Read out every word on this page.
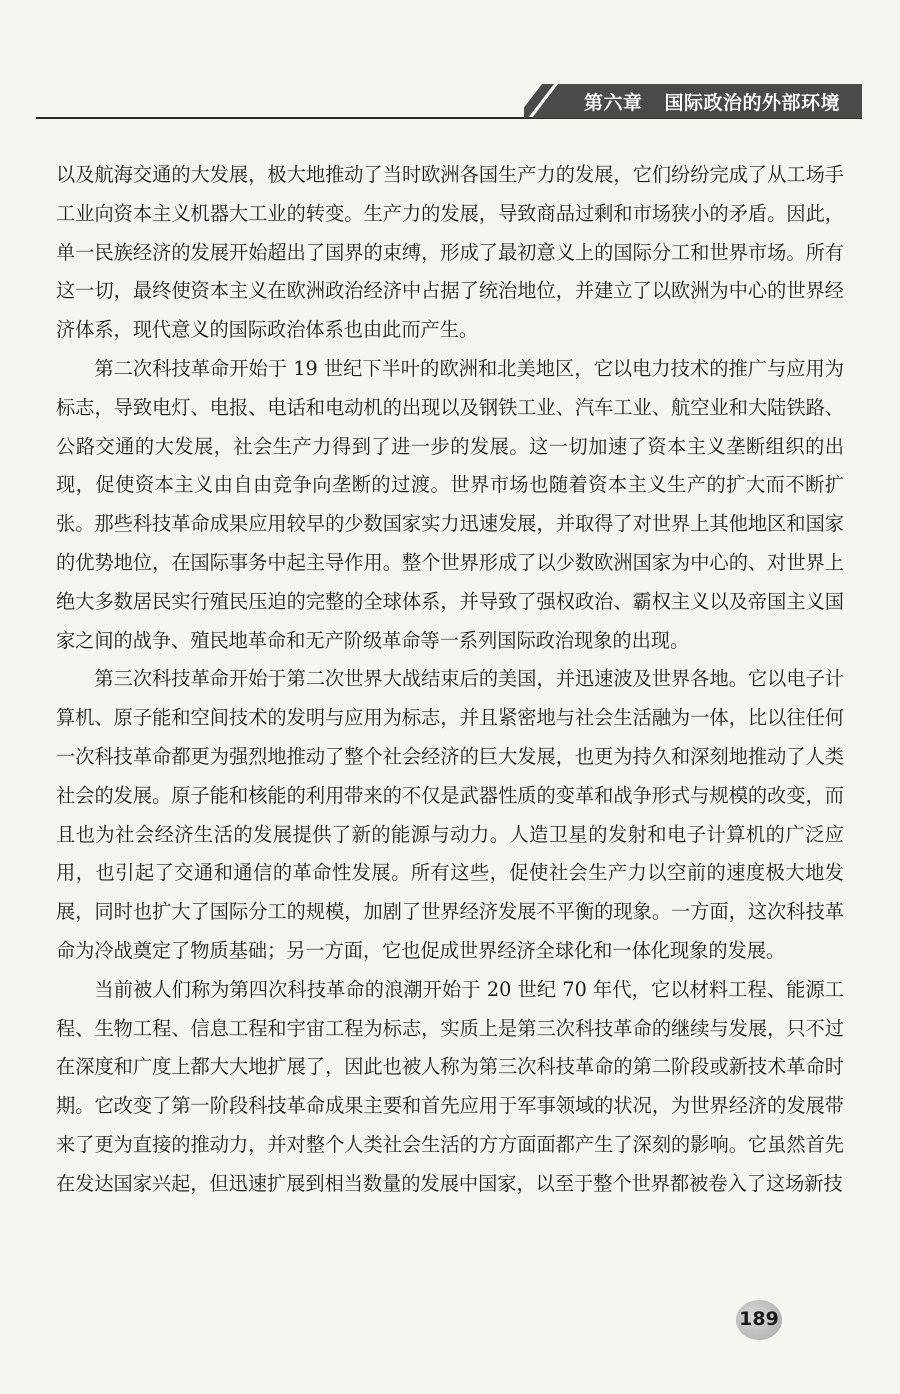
第六章 国际政治的外部环境

以及航海交通的大发展，极大地推动了当时欧洲各国生产力的发展，它们纷纷完成了从工场手工业向资本主义机器大工业的转变。生产力的发展，导致商品过剩和市场狭小的矛盾。因此，单一民族经济的发展开始超出了国界的束缚，形成了最初意义上的国际分工和世界市场。所有这一切，最终使资本主义在欧洲政治经济中占据了统治地位，并建立了以欧洲为中心的世界经济体系，现代意义的国际政治体系也由此而产生。

第二次科技革命开始于 19 世纪下半叶的欧洲和北美地区，它以电力技术的推广与应用为标志，导致电灯、电报、电话和电动机的出现以及钢铁工业、汽车工业、航空业和大陆铁路、公路交通的大发展，社会生产力得到了进一步的发展。这一切加速了资本主义垄断组织的出现，促使资本主义由自由竞争向垄断的过渡。世界市场也随着资本主义生产的扩大而不断扩张。那些科技革命成果应用较早的少数国家实力迅速发展，并取得了对世界上其他地区和国家的优势地位，在国际事务中起主导作用。整个世界形成了以少数欧洲国家为中心的、对世界上绝大多数居民实行殖民压迫的完整的全球体系，并导致了强权政治、霸权主义以及帝国主义国家之间的战争、殖民地革命和无产阶级革命等一系列国际政治现象的出现。

第三次科技革命开始于第二次世界大战结束后的美国，并迅速波及世界各地。它以电子计算机、原子能和空间技术的发明与应用为标志，并且紧密地与社会生活融为一体，比以往任何一次科技革命都更为强烈地推动了整个社会经济的巨大发展，也更为持久和深刻地推动了人类社会的发展。原子能和核能的利用带来的不仅是武器性质的变革和战争形式与规模的改变，而且也为社会经济生活的发展提供了新的能源与动力。人造卫星的发射和电子计算机的广泛应用，也引起了交通和通信的革命性发展。所有这些，促使社会生产力以空前的速度极大地发展，同时也扩大了国际分工的规模，加剧了世界经济发展不平衡的现象。一方面，这次科技革命为冷战奠定了物质基础；另一方面，它也促成世界经济全球化和一体化现象的发展。

当前被人们称为第四次科技革命的浪潮开始于 20 世纪 70 年代，它以材料工程、能源工程、生物工程、信息工程和宇宙工程为标志，实质上是第三次科技革命的继续与发展，只不过在深度和广度上都大大地扩展了，因此也被人称为第三次科技革命的第二阶段或新技术革命时期。它改变了第一阶段科技革命成果主要和首先应用于军事领域的状况，为世界经济的发展带来了更为直接的推动力，并对整个人类社会生活的方方面面都产生了深刻的影响。它虽然首先在发达国家兴起，但迅速扩展到相当数量的发展中国家，以至于整个世界都被卷入了这场新技

189
